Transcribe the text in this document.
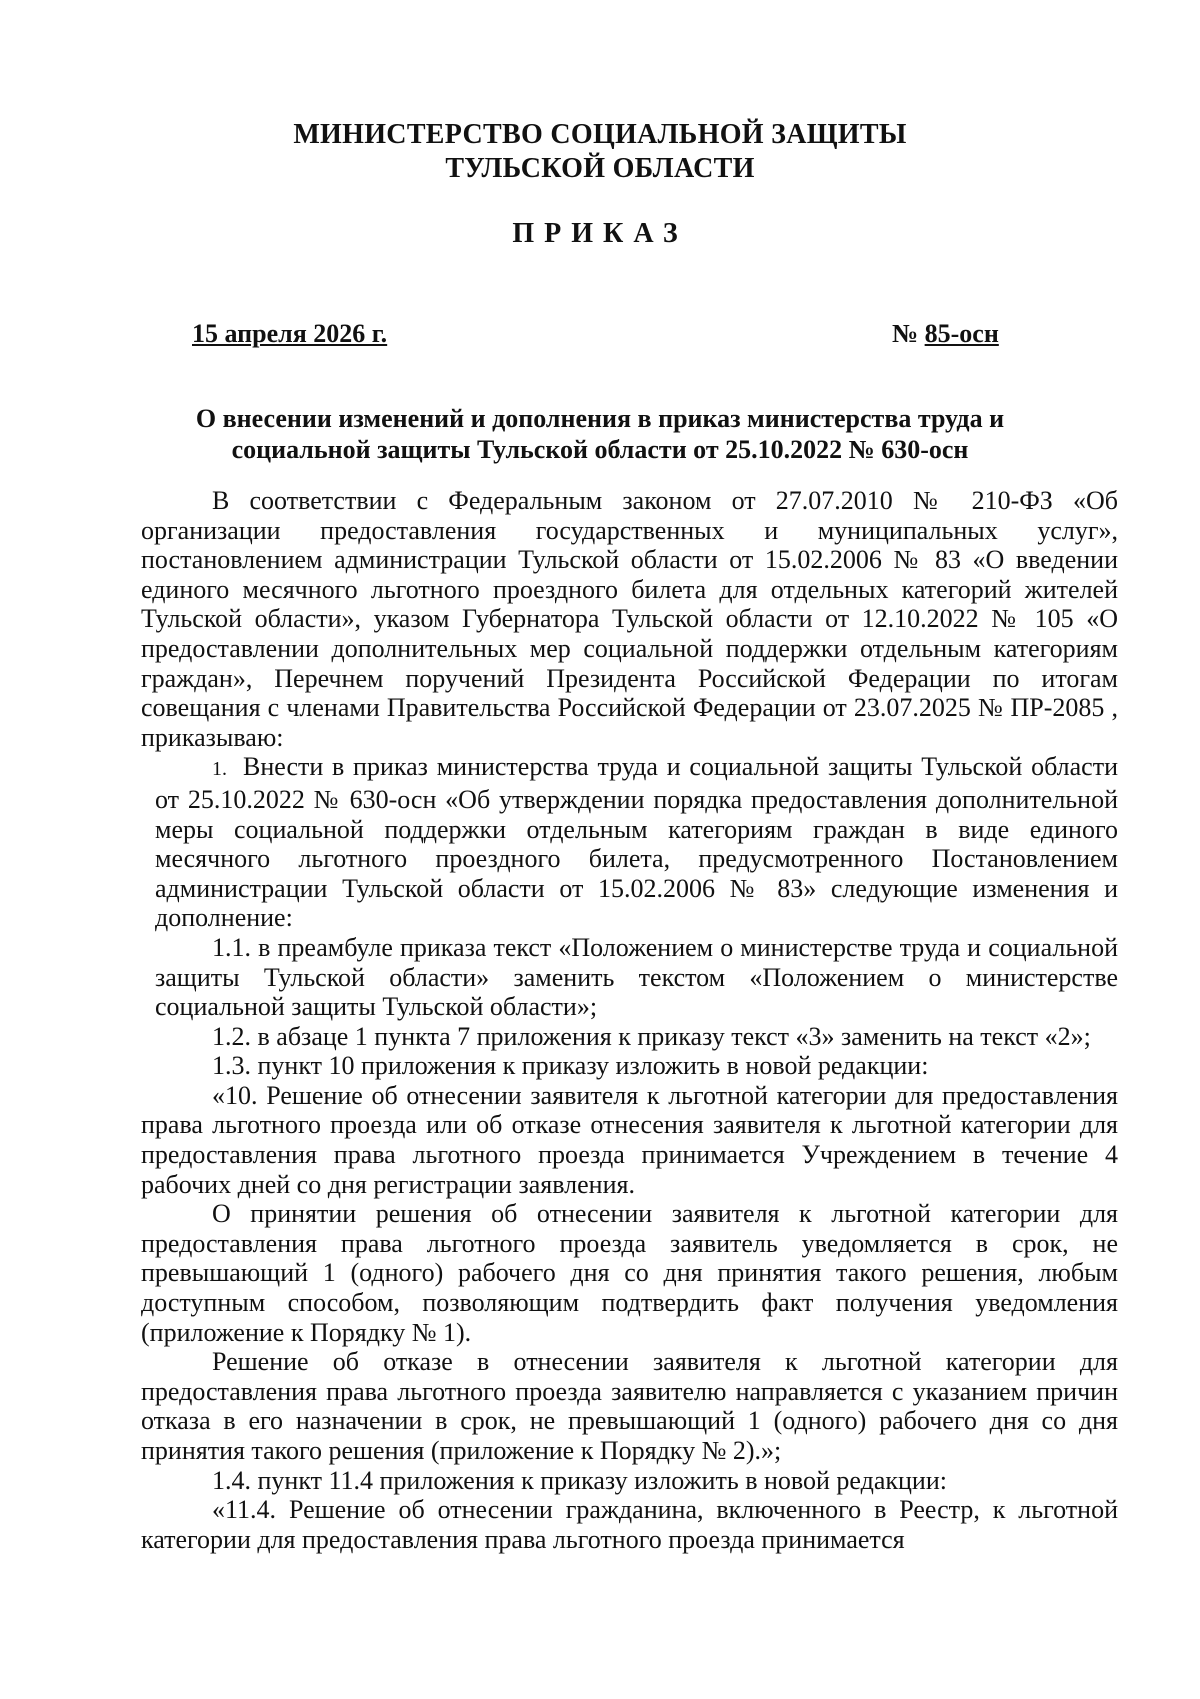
МИНИСТЕРСТВО СОЦИАЛЬНОЙ ЗАЩИТЫ
ТУЛЬСКОЙ ОБЛАСТИ
ПРИКАЗ
15 апреля 2026 г.	№ 85-осн
О внесении изменений и дополнения в приказ министерства труда и
социальной защиты Тульской области от 25.10.2022 № 630-осн

В соответствии с Федеральным законом от 27.07.2010 № 210-ФЗ «Об организации предоставления государственных и муниципальных услуг», постановлением администрации Тульской области от 15.02.2006 № 83 «О введении единого месячного льготного проездного билета для отдельных категорий жителей Тульской области», указом Губернатора Тульской области от 12.10.2022 № 105 «О предоставлении дополнительных мер социальной поддержки отдельным категориям граждан», Перечнем поручений Президента Российской Федерации по итогам совещания с членами Правительства Российской Федерации от 23.07.2025 № ПР-2085 , приказываю:

1. Внести в приказ министерства труда и социальной защиты Тульской области от 25.10.2022 № 630-осн «Об утверждении порядка предоставления дополнительной меры социальной поддержки отдельным категориям граждан в виде единого месячного льготного проездного билета, предусмотренного Постановлением администрации Тульской области от 15.02.2006 № 83» следующие изменения и дополнение:

1.1. в преамбуле приказа текст «Положением о министерстве труда и социальной защиты Тульской области» заменить текстом «Положением о министерстве социальной защиты Тульской области»;

1.2. в абзаце 1 пункта 7 приложения к приказу текст «3» заменить на текст «2»;

1.3. пункт 10 приложения к приказу изложить в новой редакции:

«10. Решение об отнесении заявителя к льготной категории для предоставления права льготного проезда или об отказе отнесения заявителя к льготной категории для предоставления права льготного проезда принимается Учреждением в течение 4 рабочих дней со дня регистрации заявления.

О принятии решения об отнесении заявителя к льготной категории для предоставления права льготного проезда заявитель уведомляется в срок, не превышающий 1 (одного) рабочего дня со дня принятия такого решения, любым доступным способом, позволяющим подтвердить факт получения уведомления (приложение к Порядку № 1).

Решение об отказе в отнесении заявителя к льготной категории для предоставления права льготного проезда заявителю направляется с указанием причин отказа в его назначении в срок, не превышающий 1 (одного) рабочего дня со дня принятия такого решения (приложение к Порядку № 2).»;

1.4. пункт 11.4 приложения к приказу изложить в новой редакции:

«11.4. Решение об отнесении гражданина, включенного в Реестр, к льготной категории для предоставления права льготного проезда принимается
